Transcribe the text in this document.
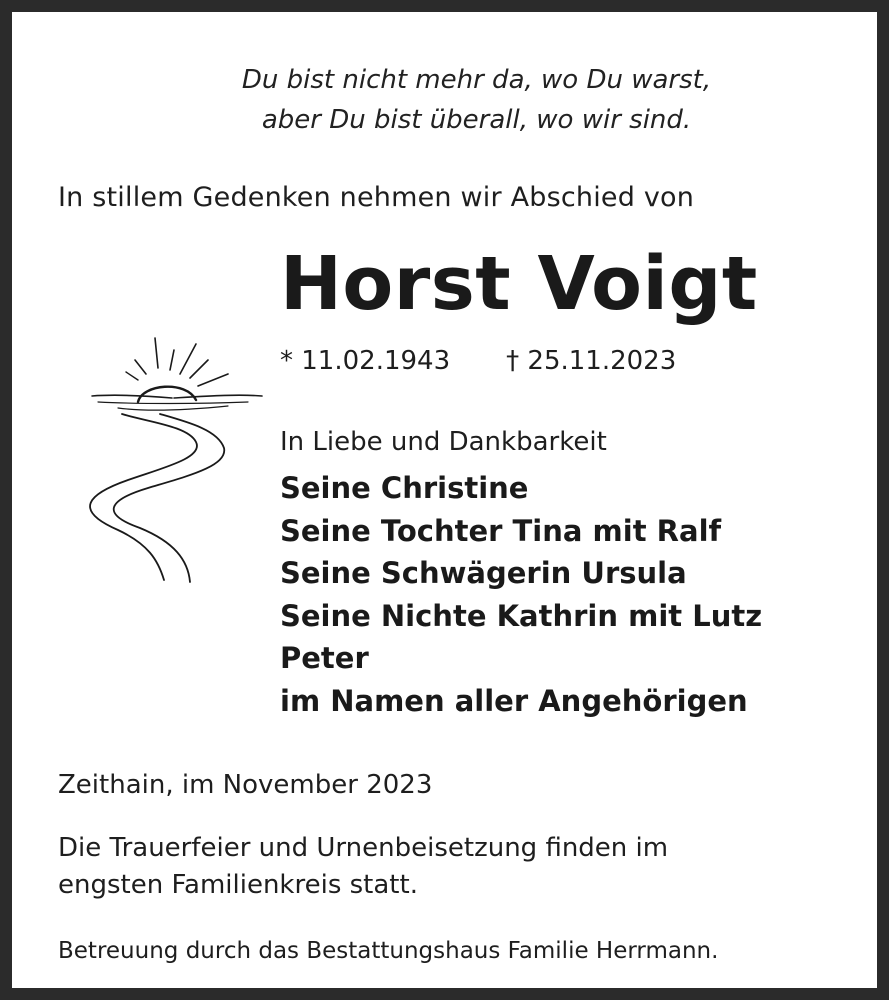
Du bist nicht mehr da, wo Du warst,
aber Du bist überall, wo wir sind.
In stillem Gedenken nehmen wir Abschied von
Horst Voigt
* 11.02.1943 † 25.11.2023
In Liebe und Dankbarkeit
Seine Christine
Seine Tochter Tina mit Ralf
Seine Schwägerin Ursula
Seine Nichte Kathrin mit Lutz
Peter
im Namen aller Angehörigen
Zeithain, im November 2023
Die Trauerfeier und Urnenbeisetzung finden im
engsten Familienkreis statt.
Betreuung durch das Bestattungshaus Familie Herrmann.
